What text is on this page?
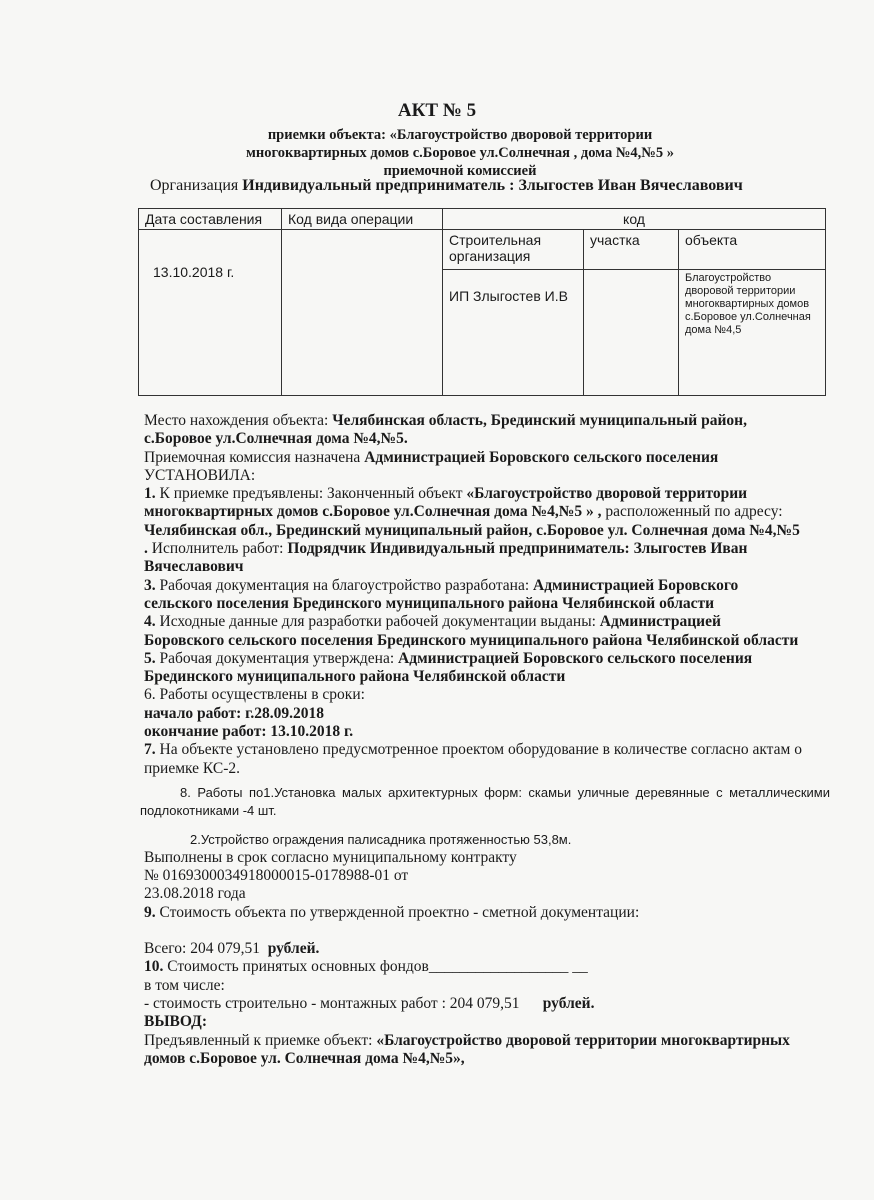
АКТ № 5
приемки объекта: «Благоустройство дворовой территории
многоквартирных домов с.Боровое ул.Солнечная , дома №4,№5 »
приемочной комиссией
Организация Индивидуальный предприниматель : Злыгостев Иван Вячеславович
Дата составления	Код вида операции	код		
13.10.2018 г.		Строительная организация	участка	объекта
		ИП Злыгостев И.В		Благоустройство дворовой территории многоквартирных домов с.Боровое ул.Солнечная дома №4,5

Место нахождения объекта: Челябинская область, Брединский муниципальный район, с.Боровое ул.Солнечная дома №4,№5.

Приемочная комиссия назначена Администрацией Боровского сельского поселения

УСТАНОВИЛА:

1. К приемке предъявлены: Законченный объект «Благоустройство дворовой территории многоквартирных домов с.Боровое ул.Солнечная дома №4,№5 » , расположенный по адресу: Челябинская обл., Брединский муниципальный район, с.Боровое ул. Солнечная дома №4,№5

. Исполнитель работ: Подрядчик Индивидуальный предприниматель: Злыгостев Иван Вячеславович

3. Рабочая документация на благоустройство разработана: Администрацией Боровского сельского поселения Брединского муниципального района Челябинской области

4. Исходные данные для разработки рабочей документации выданы: Администрацией Боровского сельского поселения Брединского муниципального района Челябинской области

5. Рабочая документация утверждена: Администрацией Боровского сельского поселения Брединского муниципального района Челябинской области

6. Работы осуществлены в сроки:

начало работ: г.28.09.2018

окончание работ: 13.10.2018 г.

7. На объекте установлено предусмотренное проектом оборудование в количестве согласно актам о приемке КС-2.

8. Работы по1.Установка малых архитектурных форм: скамьи уличные деревянные с металлическими подлокотниками -4 шт.

2.Устройство ограждения палисадника протяженностью 53,8м.

Выполнены в срок согласно муниципальному контракту

№ 0169300034918000015-0178988-01 от

23.08.2018 года

9. Стоимость объекта по утвержденной проектно - сметной документации:

Всего: 204 079,51 рублей.

10. Стоимость принятых основных фондов__________________ __

в том числе:

- стоимость строительно - монтажных работ : 204 079,51 рублей.

ВЫВОД:

Предъявленный к приемке объект: «Благоустройство дворовой территории многоквартирных домов с.Боровое ул. Солнечная дома №4,№5»,
